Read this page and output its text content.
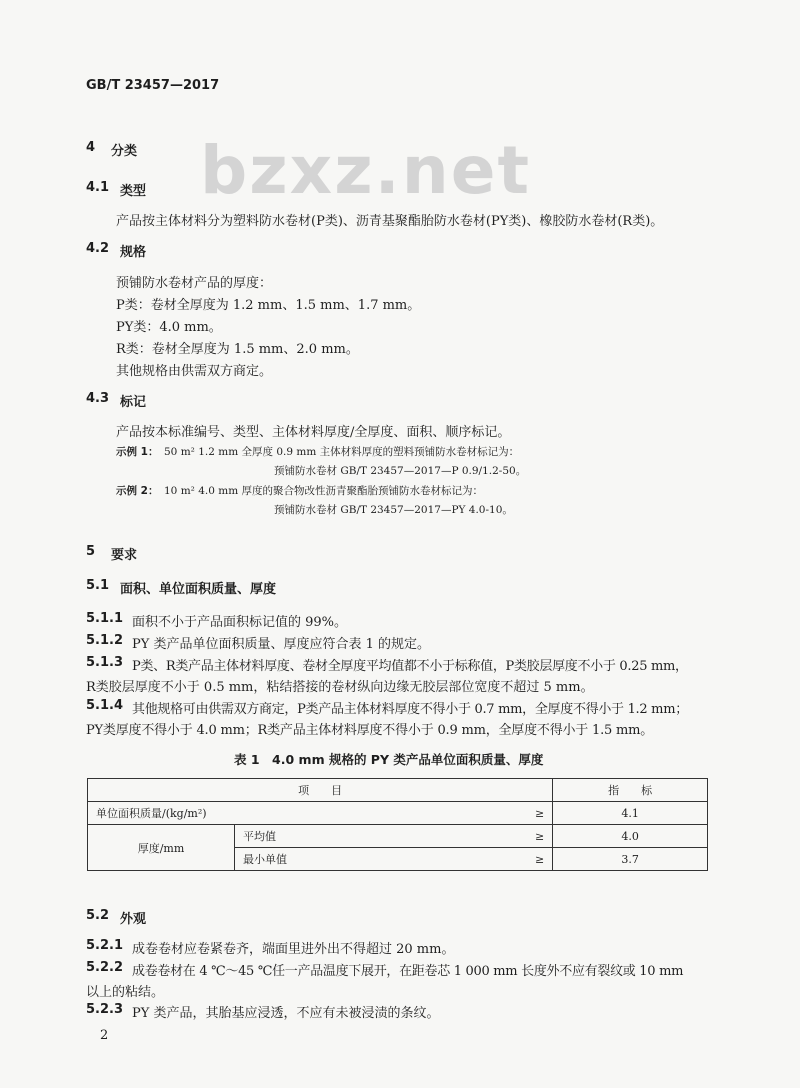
GB/T 23457—2017
bzxz.net
4 分类
4.1 类型
产品按主体材料分为塑料防水卷材(P类)、沥青基聚酯胎防水卷材(PY类)、橡胶防水卷材(R类)。
4.2 规格
预铺防水卷材产品的厚度：
P类：卷材全厚度为 1.2 mm、1.5 mm、1.7 mm。
PY类：4.0 mm。
R类：卷材全厚度为 1.5 mm、2.0 mm。
其他规格由供需双方商定。
4.3 标记
产品按本标准编号、类型、主体材料厚度/全厚度、面积、顺序标记。
示例 1： 50 m² 1.2 mm 全厚度 0.9 mm 主体材料厚度的塑料预铺防水卷材标记为：
预铺防水卷材 GB/T 23457—2017—P 0.9/1.2-50。
示例 2： 10 m² 4.0 mm 厚度的聚合物改性沥青聚酯胎预铺防水卷材标记为：
预铺防水卷材 GB/T 23457—2017—PY 4.0-10。
5 要求
5.1 面积、单位面积质量、厚度
5.1.1 面积不小于产品面积标记值的 99%。
5.1.2 PY 类产品单位面积质量、厚度应符合表 1 的规定。
5.1.3 P类、R类产品主体材料厚度、卷材全厚度平均值都不小于标称值，P类胶层厚度不小于 0.25 mm，
R类胶层厚度不小于 0.5 mm，粘结搭接的卷材纵向边缘无胶层部位宽度不超过 5 mm。
5.1.4 其他规格可由供需双方商定，P类产品主体材料厚度不得小于 0.7 mm，全厚度不得小于 1.2 mm；
PY类厚度不得小于 4.0 mm；R类产品主体材料厚度不得小于 0.9 mm，全厚度不得小于 1.5 mm。
表 1　4.0 mm 规格的 PY 类产品单位面积质量、厚度
项　　目			指　　标
单位面积质量/(kg/m²)		≥	4.1
厚度/mm	平均值	≥	4.0
	最小单值	≥	3.7
5.2 外观
5.2.1 成卷卷材应卷紧卷齐，端面里进外出不得超过 20 mm。
5.2.2 成卷卷材在 4 ℃～45 ℃任一产品温度下展开，在距卷芯 1 000 mm 长度外不应有裂纹或 10 mm
以上的粘结。
5.2.3 PY 类产品，其胎基应浸透，不应有未被浸渍的条纹。
2
